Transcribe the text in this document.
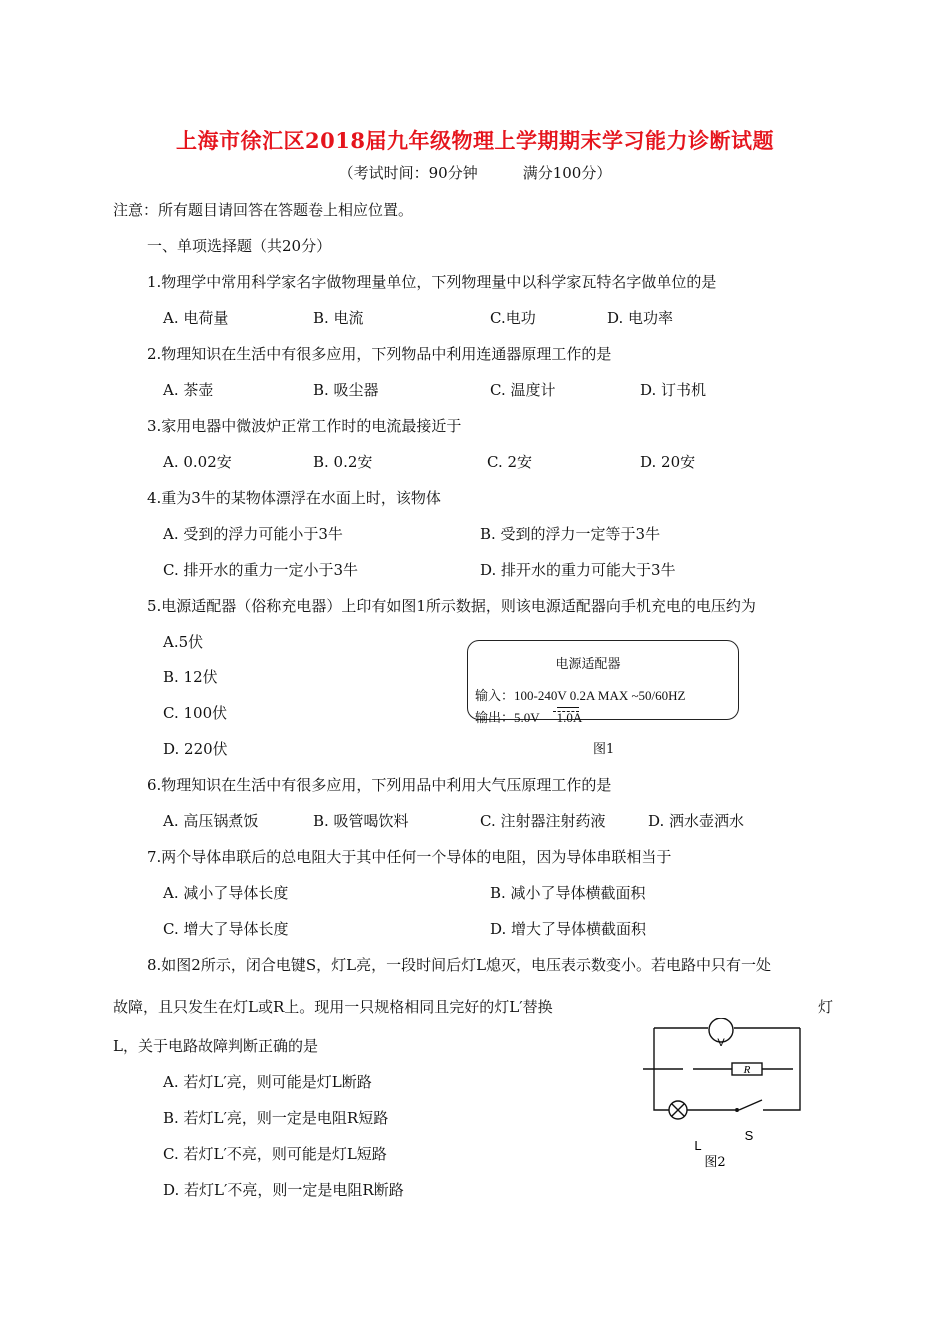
上海市徐汇区2018届九年级物理上学期期末学习能力诊断试题
（考试时间：90分钟　　　满分100分）
注意：所有题目请回答在答题卷上相应位置。
一、单项选择题（共20分）
1.物理学中常用科学家名字做物理量单位，下列物理量中以科学家瓦特名字做单位的是
A. 电荷量	B. 电流	C.电功	D. 电功率
2.物理知识在生活中有很多应用，下列物品中利用连通器原理工作的是
A. 茶壶	B. 吸尘器	C. 温度计	D. 订书机
3.家用电器中微波炉正常工作时的电流最接近于
A. 0.02安	B. 0.2安	C. 2安	D. 20安
4.重为3牛的某物体漂浮在水面上时，该物体
A. 受到的浮力可能小于3牛	B. 受到的浮力一定等于3牛
C. 排开水的重力一定小于3牛	D. 排开水的重力可能大于3牛
5.电源适配器（俗称充电器）上印有如图1所示数据，则该电源适配器向手机充电的电压约为
A.5伏
B. 12伏
C. 100伏
D. 220伏
电源适配器
输入：100-240V 0.2A MAX ~50/60HZ
输出：5.0V 1.0A
图1
6.物理知识在生活中有很多应用，下列用品中利用大气压原理工作的是
A. 高压锅煮饭	B. 吸管喝饮料	C. 注射器注射药液	D. 洒水壶洒水
7.两个导体串联后的总电阻大于其中任何一个导体的电阻，因为导体串联相当于
A. 减小了导体长度	B. 减小了导体横截面积
C. 增大了导体长度	D. 增大了导体横截面积
8.如图2所示，闭合电键S，灯L亮，一段时间后灯L熄灭，电压表示数变小。若电路中只有一处
故障，且只发生在灯L或R上。现用一只规格相同且完好的灯L′替换	灯
L，关于电路故障判断正确的是
A. 若灯L′亮，则可能是灯L断路
B. 若灯L′亮，则一定是电阻R短路
C. 若灯L′不亮，则可能是灯L短路
D. 若灯L′不亮，则一定是电阻R断路
V
R
L
S
图2
